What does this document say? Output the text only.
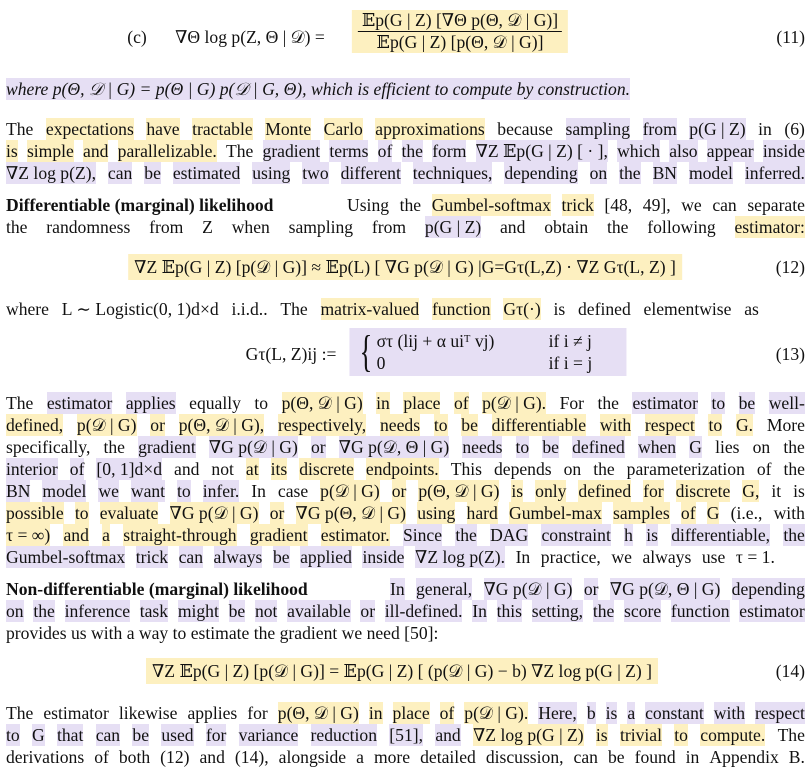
(c) ∇Θ log p(Z, Θ | 𝒟) = $\frac{\text{𝔼p(G | Z) [∇Θ p(Θ, 𝒟 | G)]}}{\text{𝔼p(G | Z) [p(Θ, 𝒟 | G)]}}$	(11)
where p(Θ, 𝒟 | G) = p(Θ | G) p(𝒟 | G, Θ), which is efficient to compute by construction.
The expectations have tractable Monte Carlo approximations because sampling from p(G | Z) in (6)
is simple and parallelizable. The gradient terms of the form ∇Z 𝔼p(G | Z) [ · ], which also appear inside
∇Z log p(Z), can be estimated using two different techniques, depending on the BN model inferred.
Differentiable (marginal) likelihood	Using the Gumbel-softmax trick [48, 49], we can separate
the randomness from Z when sampling from p(G | Z) and obtain the following estimator:
∇Z 𝔼p(G | Z) [p(𝒟 | G)] ≈ 𝔼p(L) [ ∇G p(𝒟 | G) |G=Gτ(L,Z) · ∇Z Gτ(L, Z) ]	(12)
where L ∼ Logistic(0, 1)d×d i.i.d.. The matrix-valued function Gτ(·) is defined elementwise as
Gτ(L, Z)ij := { στ (lij + α uiᵀ vj)	if i ≠ j
0	if i = j	(13)
The estimator applies equally to p(Θ, 𝒟 | G) in place of p(𝒟 | G). For the estimator to be well-
defined, p(𝒟 | G) or p(Θ, 𝒟 | G), respectively, needs to be differentiable with respect to G. More
specifically, the gradient ∇G p(𝒟 | G) or ∇G p(𝒟, Θ | G) needs to be defined when G lies on the
interior of [0, 1]d×d and not at its discrete endpoints. This depends on the parameterization of the
BN model we want to infer. In case p(𝒟 | G) or p(Θ, 𝒟 | G) is only defined for discrete G, it is
possible to evaluate ∇G p(𝒟 | G) or ∇G p(Θ, 𝒟 | G) using hard Gumbel-max samples of G (i.e., with
τ = ∞) and a straight-through gradient estimator. Since the DAG constraint h is differentiable, the
Gumbel-softmax trick can always be applied inside ∇Z log p(Z). In practice, we always use τ = 1.
Non-differentiable (marginal) likelihood	In general, ∇G p(𝒟 | G) or ∇G p(𝒟, Θ | G) depending
on the inference task might be not available or ill-defined. In this setting, the score function estimator
provides us with a way to estimate the gradient we need [50]:
∇Z 𝔼p(G | Z) [p(𝒟 | G)] = 𝔼p(G | Z) [ (p(𝒟 | G) − b) ∇Z log p(G | Z) ]	(14)
The estimator likewise applies for p(Θ, 𝒟 | G) in place of p(𝒟 | G). Here, b is a constant with respect
to G that can be used for variance reduction [51], and ∇Z log p(G | Z) is trivial to compute. The
derivations of both (12) and (14), alongside a more detailed discussion, can be found in Appendix B.
